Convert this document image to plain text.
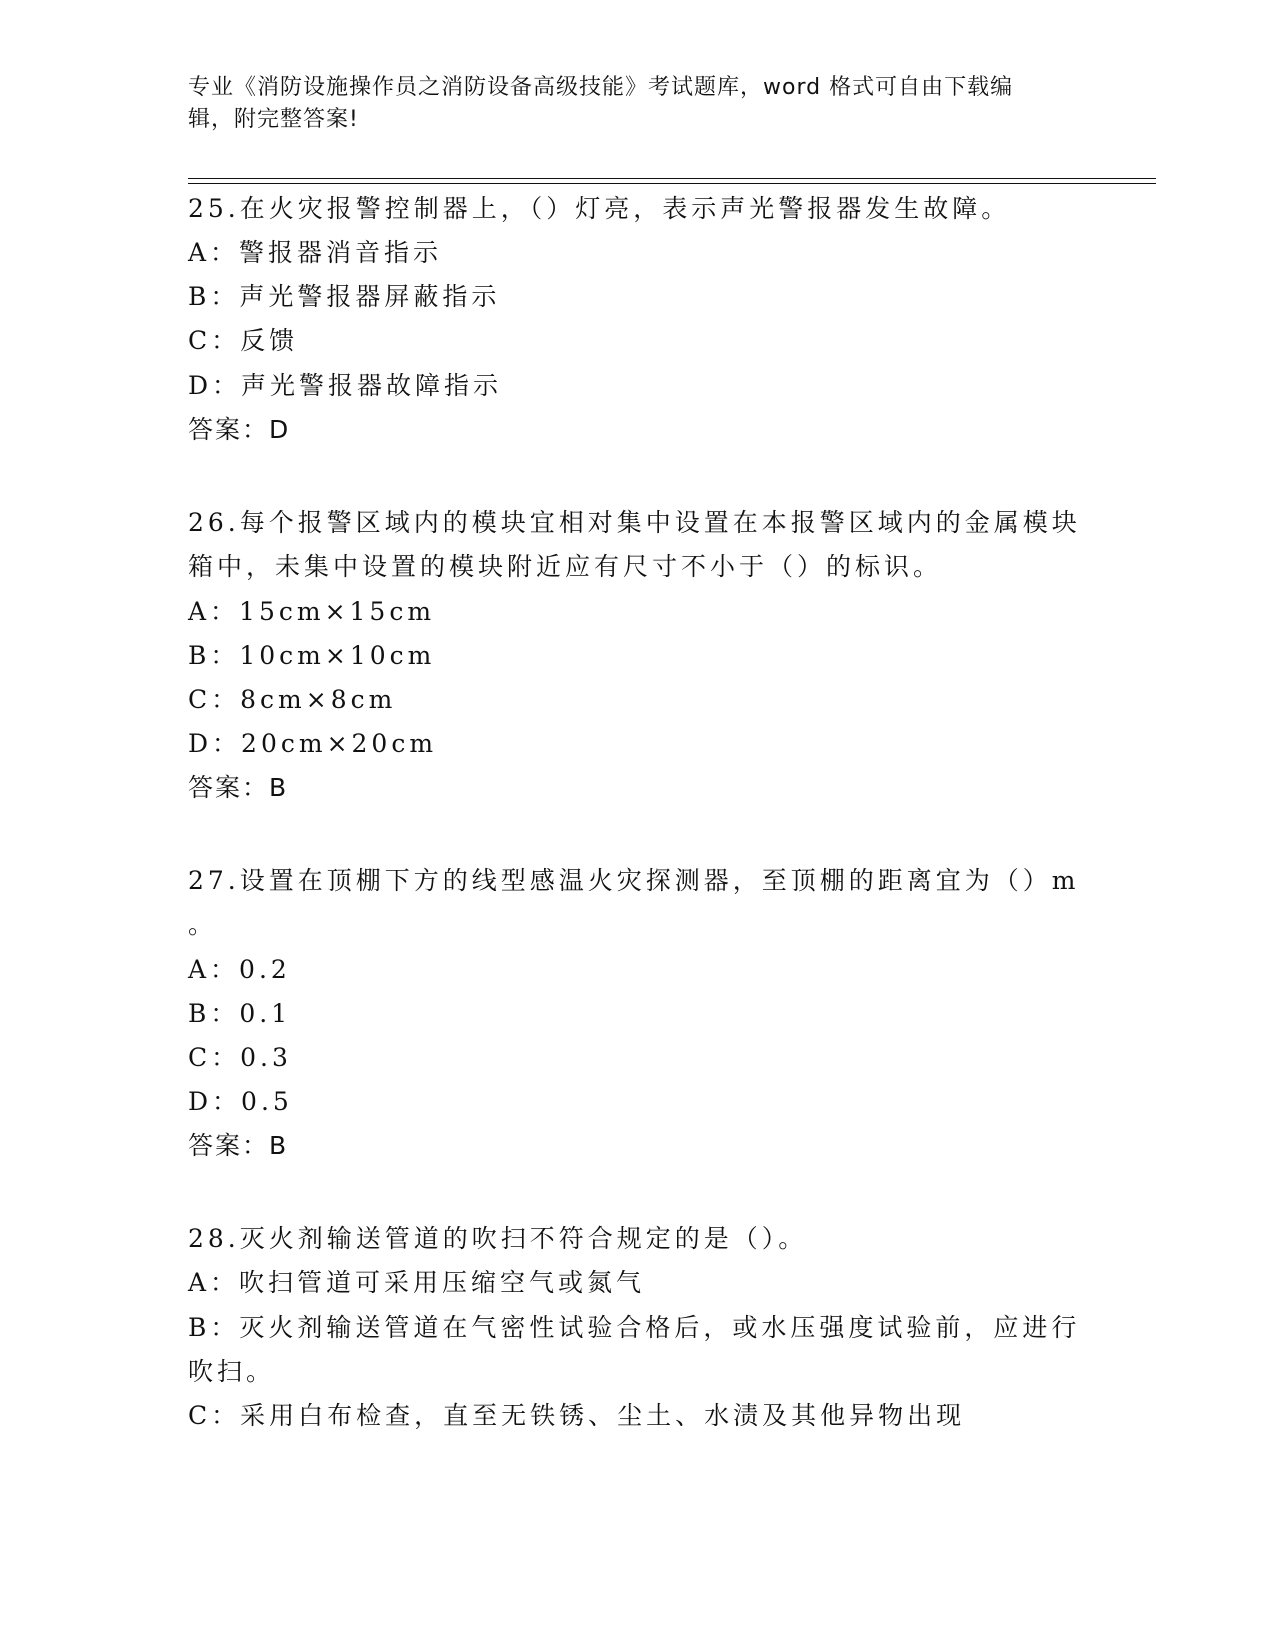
专业《消防设施操作员之消防设备高级技能》考试题库，word 格式可自由下载编
辑，附完整答案!
25.在火灾报警控制器上，（）灯亮，表示声光警报器发生故障。
A：警报器消音指示
B：声光警报器屏蔽指示
C：反馈
D：声光警报器故障指示
答案：D
26.每个报警区域内的模块宜相对集中设置在本报警区域内的金属模块
箱中，未集中设置的模块附近应有尺寸不小于（）的标识。
A：15cm×15cm
B：10cm×10cm
C：8cm×8cm
D：20cm×20cm
答案：B
27.设置在顶棚下方的线型感温火灾探测器，至顶棚的距离宜为（）m
。
A：0.2
B：0.1
C：0.3
D：0.5
答案：B
28.灭火剂输送管道的吹扫不符合规定的是（）。
A：吹扫管道可采用压缩空气或氮气
B：灭火剂输送管道在气密性试验合格后，或水压强度试验前，应进行
吹扫。
C：采用白布检查，直至无铁锈、尘土、水渍及其他异物出现
